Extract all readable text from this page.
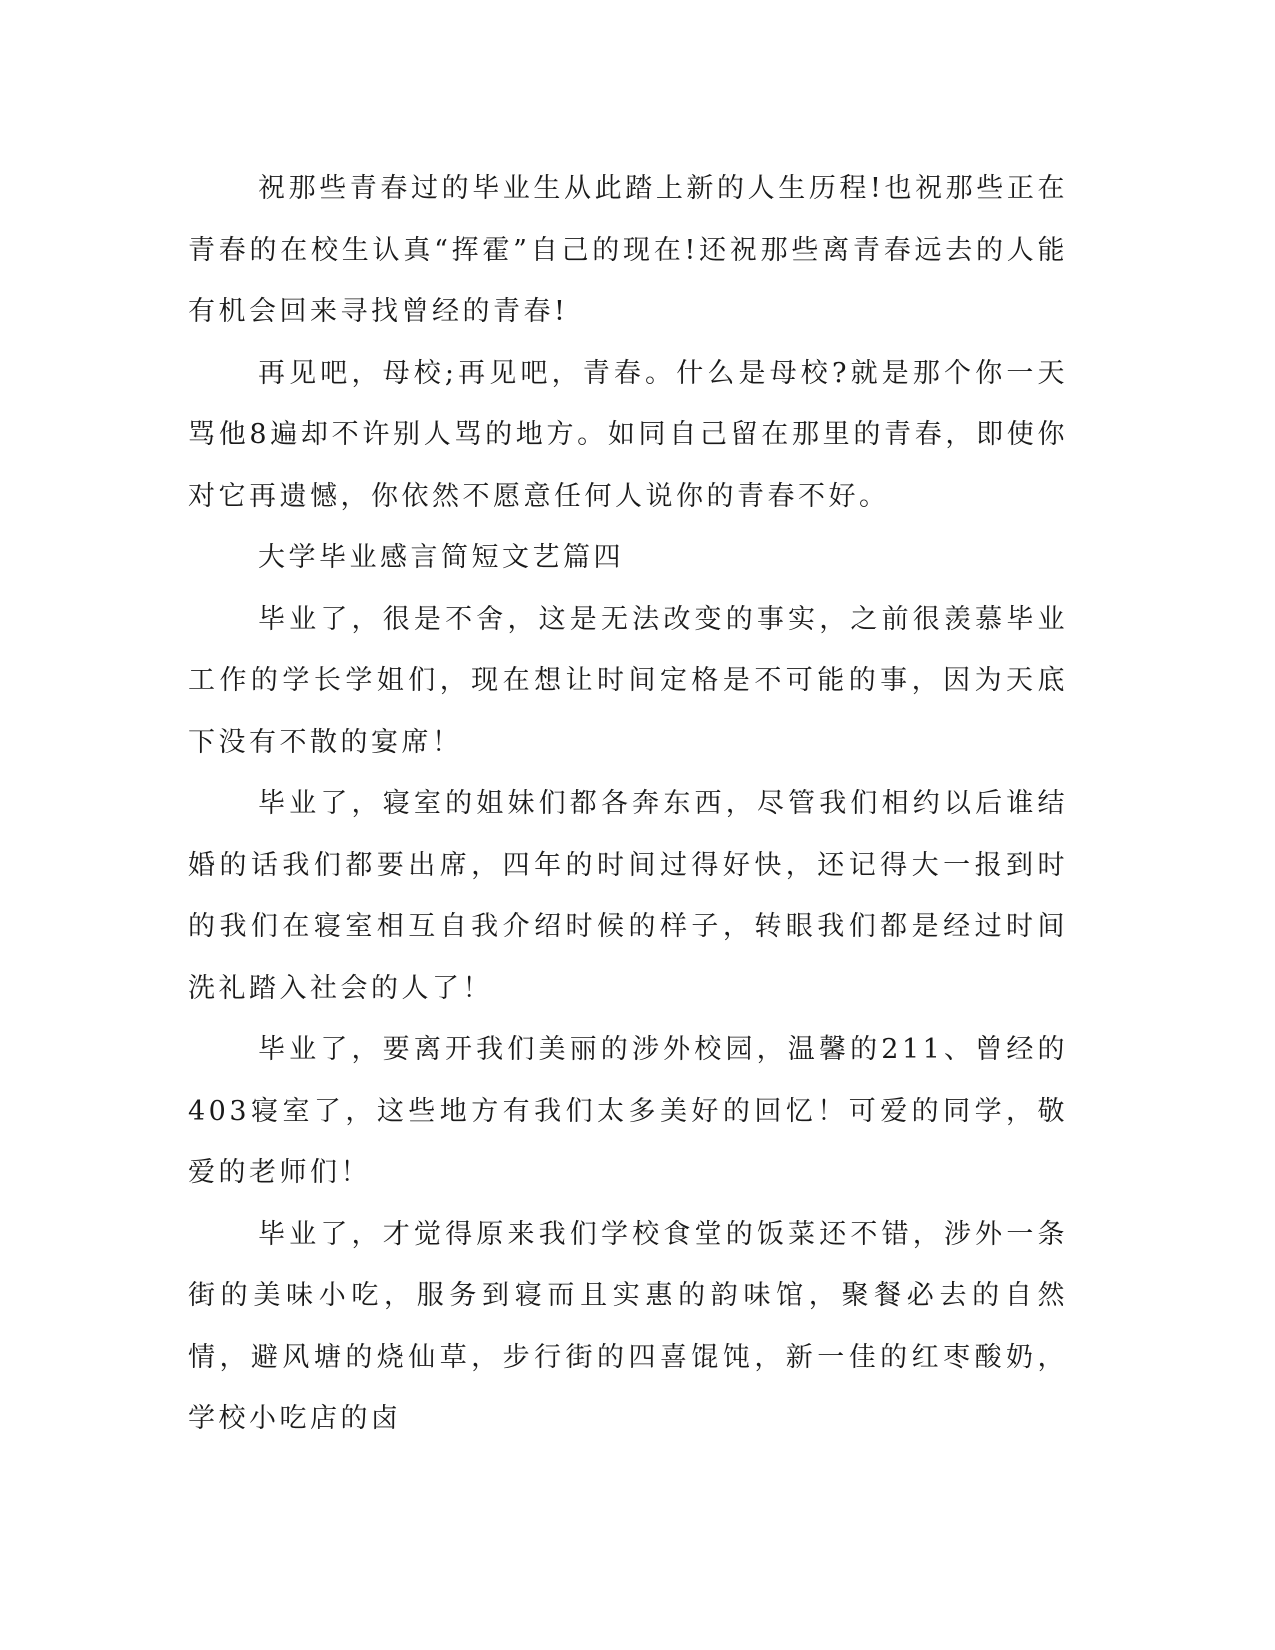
祝那些青春过的毕业生从此踏上新的人生历程!也祝那些正在青春的在校生认真“挥霍”自己的现在!还祝那些离青春远去的人能有机会回来寻找曾经的青春!

再见吧，母校;再见吧，青春。什么是母校?就是那个你一天骂他8遍却不许别人骂的地方。如同自己留在那里的青春，即使你对它再遗憾，你依然不愿意任何人说你的青春不好。

大学毕业感言简短文艺篇四

毕业了，很是不舍，这是无法改变的事实，之前很羡慕毕业工作的学长学姐们，现在想让时间定格是不可能的事，因为天底下没有不散的宴席！

毕业了，寝室的姐妹们都各奔东西，尽管我们相约以后谁结婚的话我们都要出席，四年的时间过得好快，还记得大一报到时的我们在寝室相互自我介绍时候的样子，转眼我们都是经过时间洗礼踏入社会的人了！

毕业了，要离开我们美丽的涉外校园，温馨的211、曾经的403寝室了，这些地方有我们太多美好的回忆！可爱的同学，敬爱的老师们！

毕业了，才觉得原来我们学校食堂的饭菜还不错，涉外一条街的美味小吃，服务到寝而且实惠的韵味馆，聚餐必去的自然情，避风塘的烧仙草，步行街的四喜馄饨，新一佳的红枣酸奶，学校小吃店的卤
